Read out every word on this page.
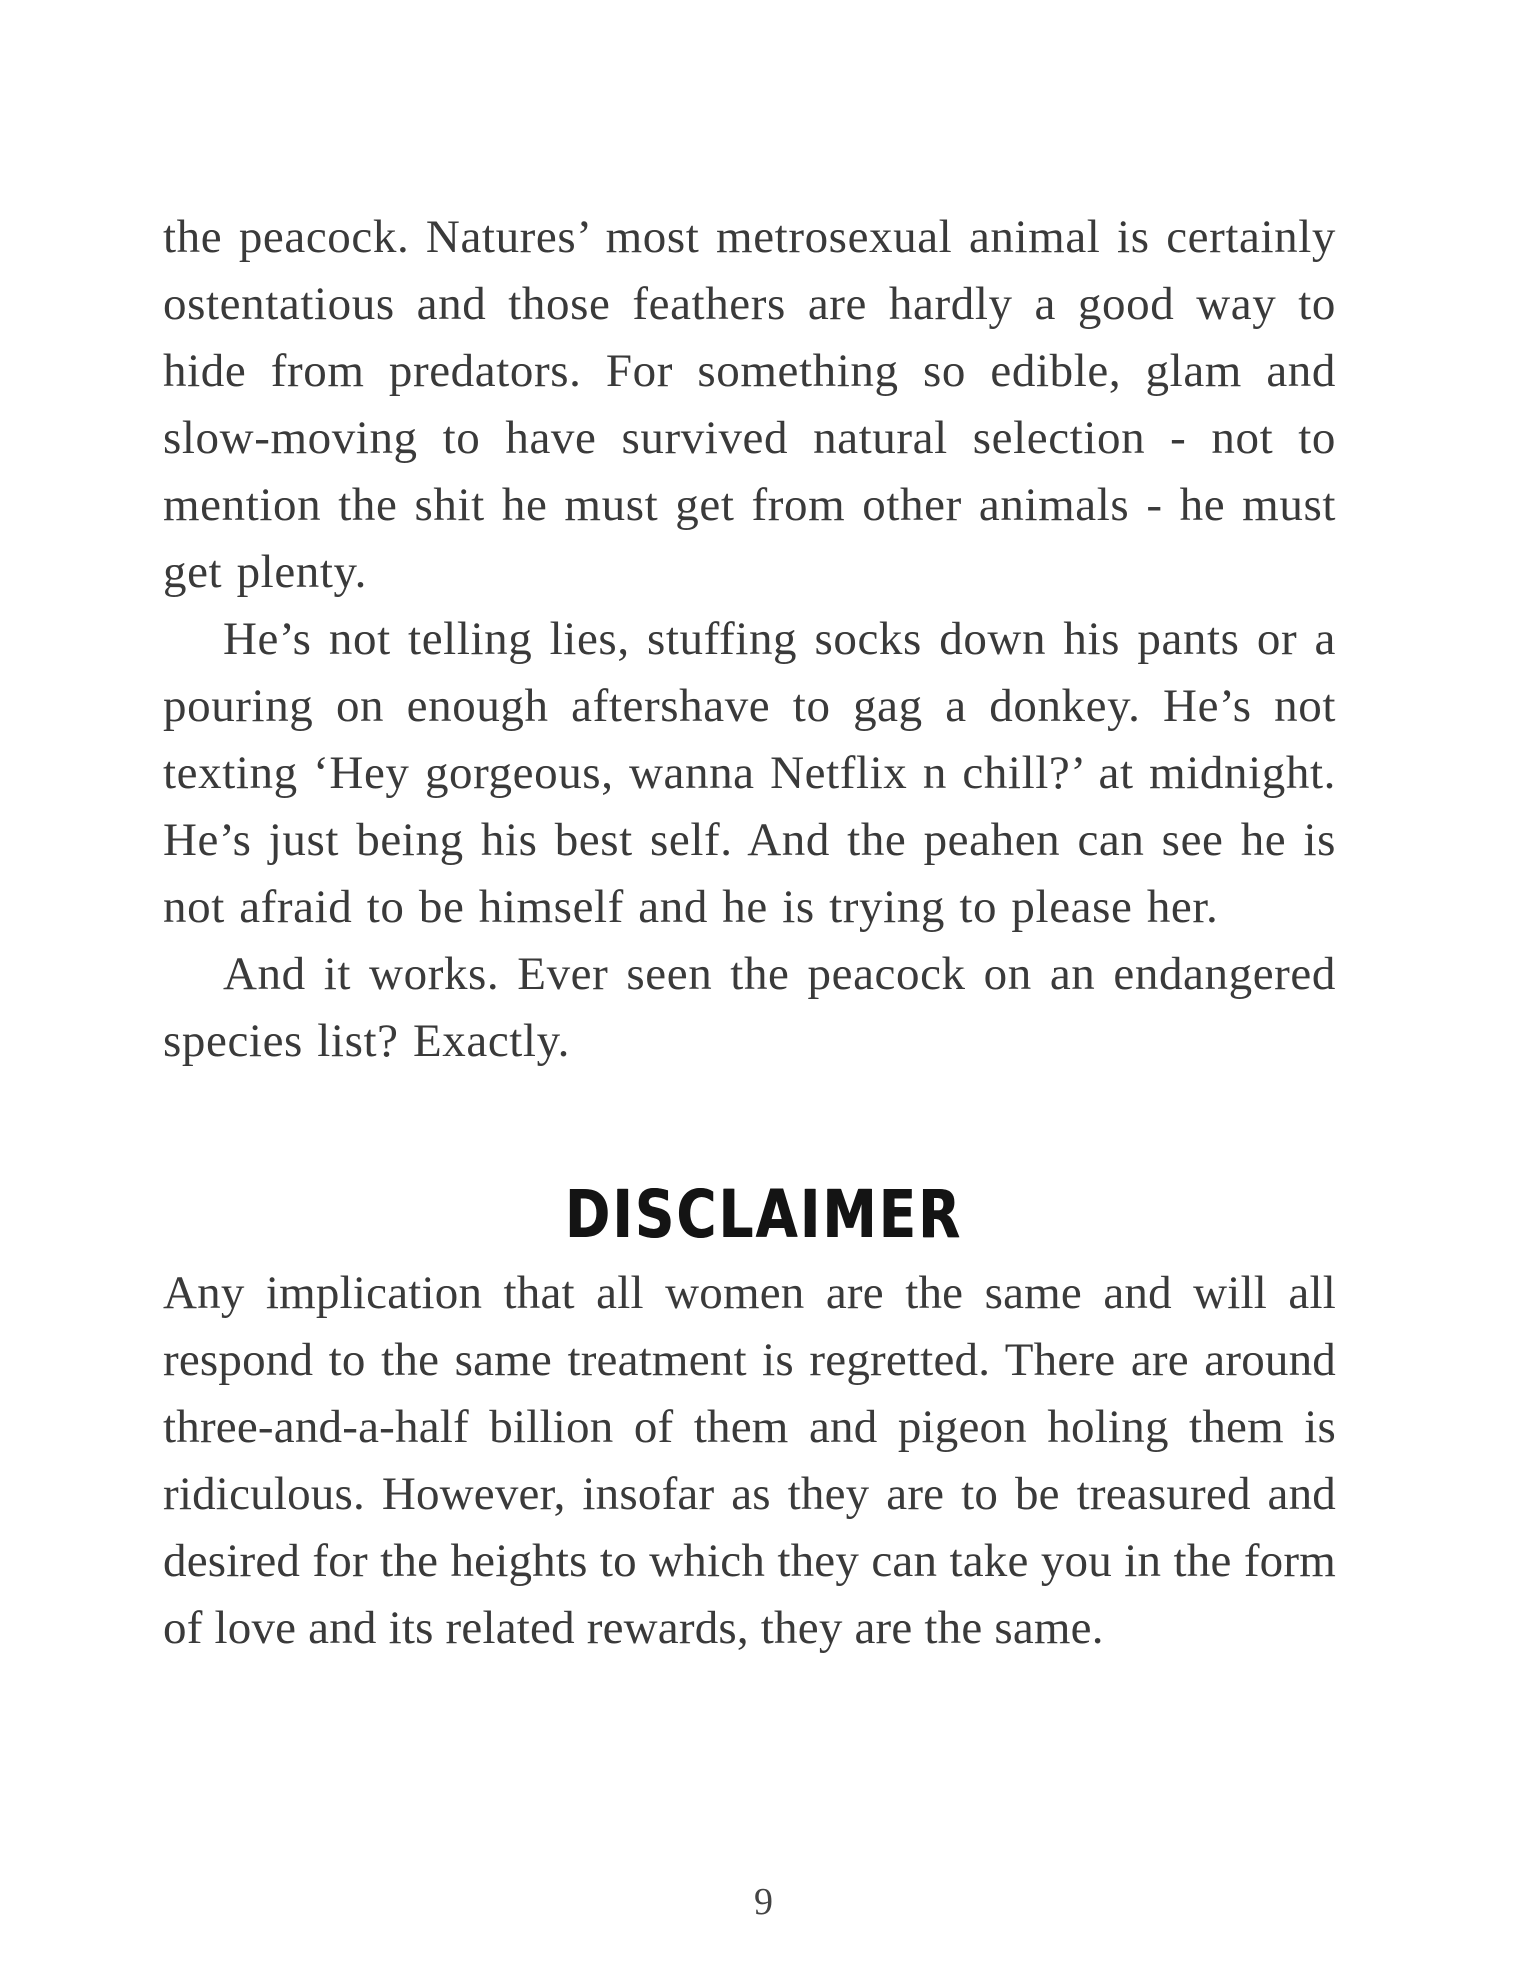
the peacock. Natures’ most metrosexual animal is certainly ostentatious and those feathers are hardly a good way to hide from predators. For something so edible, glam and slow-moving to have survived natural selection - not to mention the shit he must get from other animals - he must get plenty.

He’s not telling lies, stuffing socks down his pants or a pouring on enough aftershave to gag a donkey. He’s not texting ‘Hey gorgeous, wanna Netflix n chill?’ at midnight. He’s just being his best self. And the peahen can see he is not afraid to be himself and he is trying to please her.

And it works. Ever seen the peacock on an endangered species list? Exactly.

DISCLAIMER

Any implication that all women are the same and will all respond to the same treatment is regretted. There are around three-and-a-half billion of them and pigeon holing them is ridiculous. However, insofar as they are to be treasured and desired for the heights to which they can take you in the form of love and its related rewards, they are the same.

9
